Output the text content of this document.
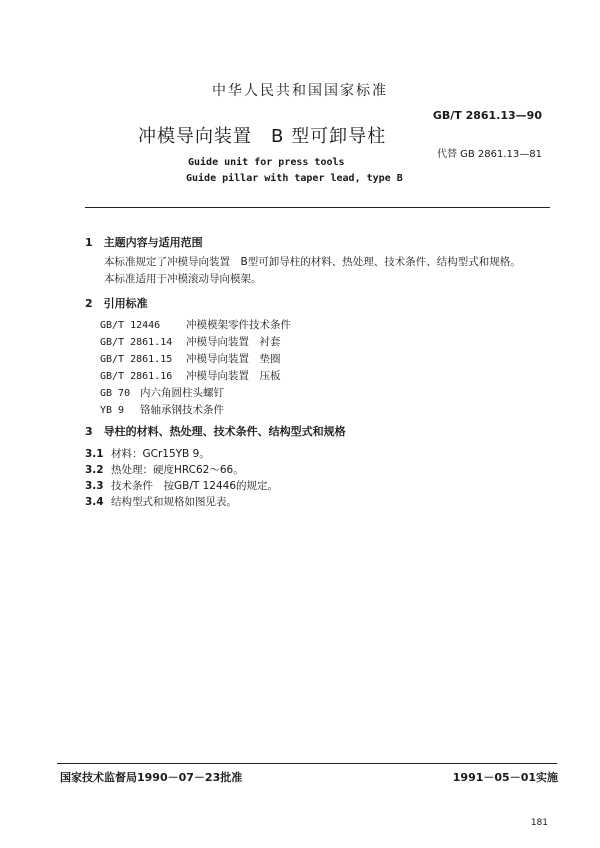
中华人民共和国国家标准
GB/T 2861.13—90
冲模导向装置　B 型可卸导柱
代替 GB 2861.13—81
Guide unit for press tools
Guide pillar with taper lead, type B
1　主题内容与适用范围
本标准规定了冲模导向装置　B型可卸导柱的材料、热处理、技术条件、结构型式和规格。
本标准适用于冲模滚动导向模架。
2　引用标准
GB/T 12446 冲模模架零件技术条件
GB/T 2861.14 冲模导向装置　衬套
GB/T 2861.15 冲模导向装置　垫圈
GB/T 2861.16 冲模导向装置　压板
GB 70 内六角圆柱头螺钉
YB 9 铬轴承钢技术条件
3　导柱的材料、热处理、技术条件、结构型式和规格
3.1 材料：GCr15YB 9。
3.2 热处理：硬度HRC62～66。
3.3 技术条件　按GB/T 12446的规定。
3.4 结构型式和规格如图见表。
国家技术监督局1990－07－23批准	1991－05－01实施
181
